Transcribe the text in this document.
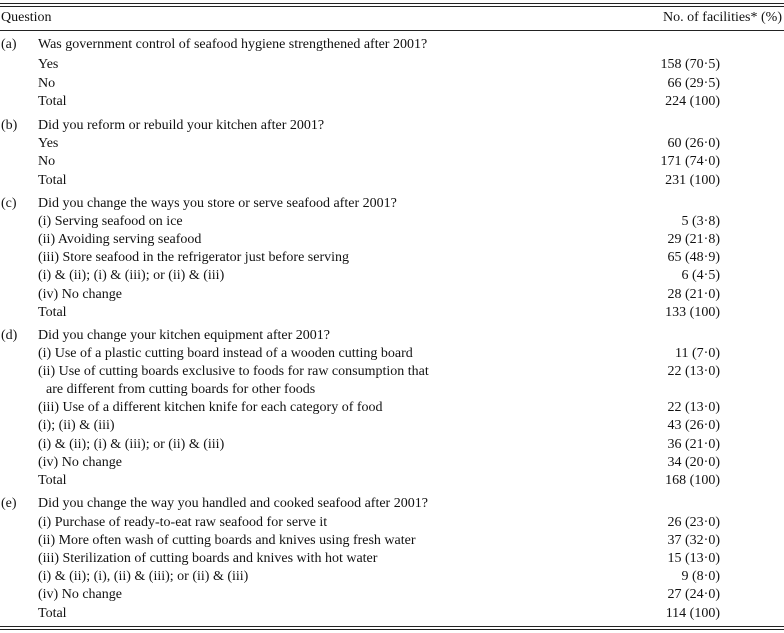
Question	No. of facilities* (%)
(a) Was government control of seafood hygiene strengthened after 2001?
Yes	158 (70·5)
No	66 (29·5)
Total	224 (100)
(b) Did you reform or rebuild your kitchen after 2001?
Yes	60 (26·0)
No	171 (74·0)
Total	231 (100)
(c) Did you change the ways you store or serve seafood after 2001?
(i) Serving seafood on ice	5 (3·8)
(ii) Avoiding serving seafood	29 (21·8)
(iii) Store seafood in the refrigerator just before serving	65 (48·9)
(i) & (ii); (i) & (iii); or (ii) & (iii)	6 (4·5)
(iv) No change	28 (21·0)
Total	133 (100)
(d) Did you change your kitchen equipment after 2001?
(i) Use of a plastic cutting board instead of a wooden cutting board	11 (7·0)
(ii) Use of cutting boards exclusive to foods for raw consumption that	22 (13·0)
are different from cutting boards for other foods
(iii) Use of a different kitchen knife for each category of food	22 (13·0)
(i); (ii) & (iii)	43 (26·0)
(i) & (ii); (i) & (iii); or (ii) & (iii)	36 (21·0)
(iv) No change	34 (20·0)
Total	168 (100)
(e) Did you change the way you handled and cooked seafood after 2001?
(i) Purchase of ready-to-eat raw seafood for serve it	26 (23·0)
(ii) More often wash of cutting boards and knives using fresh water	37 (32·0)
(iii) Sterilization of cutting boards and knives with hot water	15 (13·0)
(i) & (ii); (i), (ii) & (iii); or (ii) & (iii)	9 (8·0)
(iv) No change	27 (24·0)
Total	114 (100)
